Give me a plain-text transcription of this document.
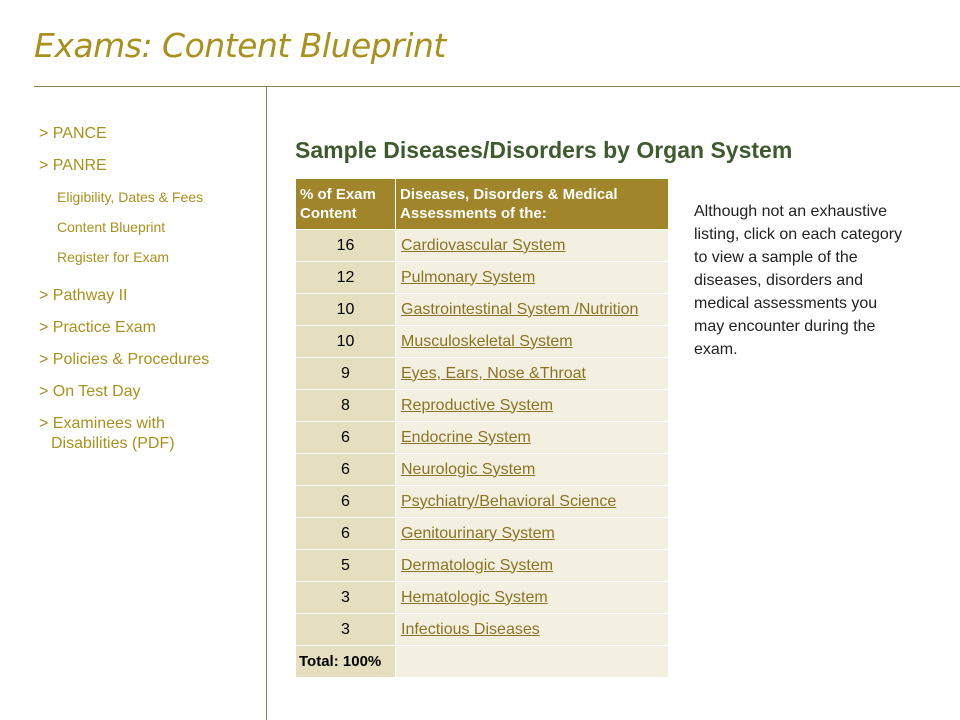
Exams: Content Blueprint
> PANCE
> PANRE
Eligibility, Dates & Fees
Content Blueprint
Register for Exam
> Pathway II
> Practice Exam
> Policies & Procedures
> On Test Day
> Examinees with
Disabilities (PDF)
Sample Diseases/Disorders by Organ System
% of Exam Content	Diseases, Disorders & Medical Assessments of the:
16	Cardiovascular System
12	Pulmonary System
10	Gastrointestinal System /Nutrition
10	Musculoskeletal System
9	Eyes, Ears, Nose &Throat
8	Reproductive System
6	Endocrine System
6	Neurologic System
6	Psychiatry/Behavioral Science
6	Genitourinary System
5	Dermatologic System
3	Hematologic System
3	Infectious Diseases
Total: 100%	

Although not an exhaustive listing, click on each category to view a sample of the diseases, disorders and medical assessments you may encounter during the exam.
